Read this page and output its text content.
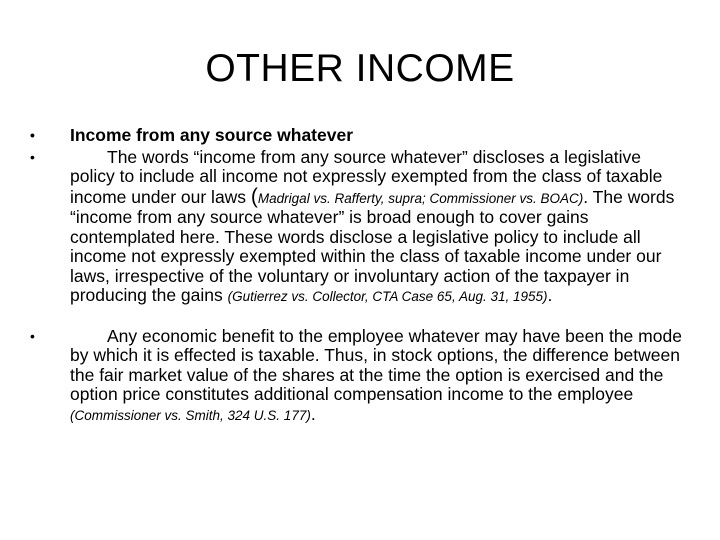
OTHER INCOME
• Income from any source whatever
•	The words “income from any source whatever” discloses a legislative policy to include all income not expressly exempted from the class of taxable income under our laws (Madrigal vs. Rafferty, supra; Commissioner vs. BOAC). The words “income from any source whatever” is broad enough to cover gains contemplated here. These words disclose a legislative policy to include all income not expressly exempted within the class of taxable income under our laws, irrespective of the voluntary or involuntary action of the taxpayer in producing the gains (Gutierrez vs. Collector, CTA Case 65, Aug. 31, 1955).
•	Any economic benefit to the employee whatever may have been the mode by which it is effected is taxable. Thus, in stock options, the difference between the fair market value of the shares at the time the option is exercised and the option price constitutes additional compensation income to the employee (Commissioner vs. Smith, 324 U.S. 177).
